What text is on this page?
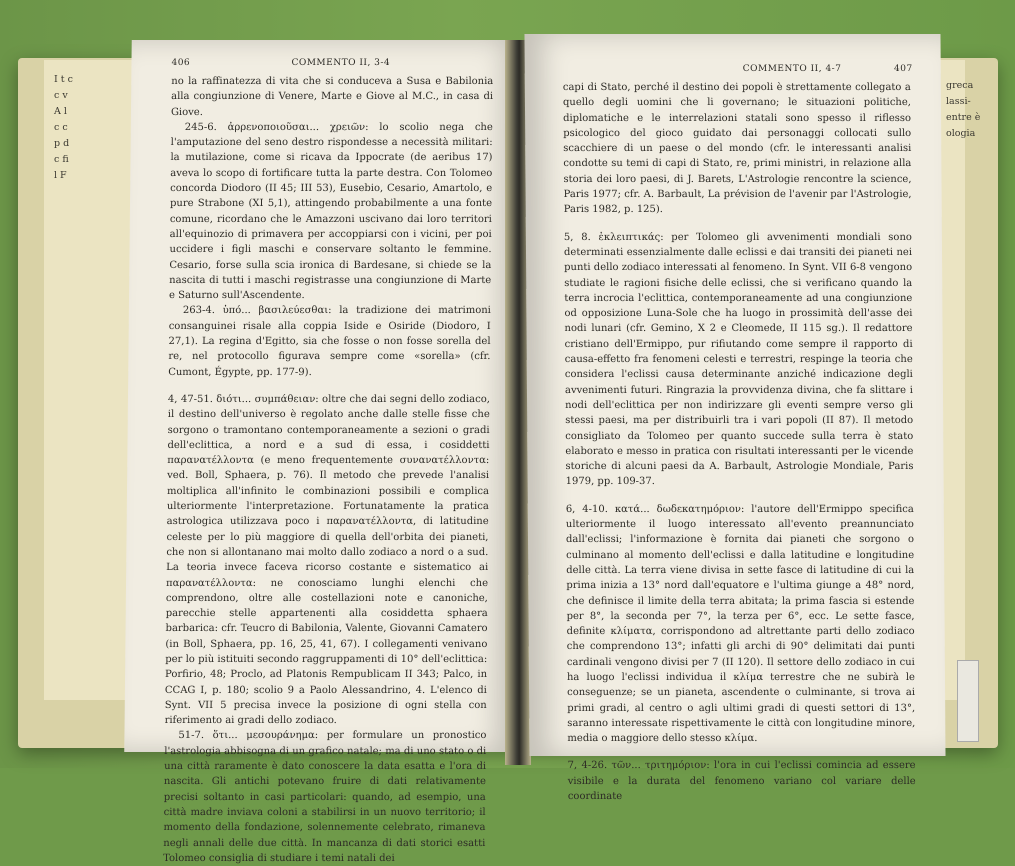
I t c c v A l c c p d c fi l F
greca lassi- entre è ologia
406	COMMENTO II, 3-4

no la raffinatezza di vita che si conduceva a Susa e Babilonia alla congiunzione di Venere, Marte e Giove al M.C., in casa di Giove.

245-6. ἀρρενοποιοῦσαι... χρειῶν: lo scolio nega che l'amputazione del seno destro rispondesse a necessità militari: la mutilazione, come si ricava da Ippocrate (de aeribus 17) aveva lo scopo di fortificare tutta la parte destra. Con Tolomeo concorda Diodoro (II 45; III 53), Eusebio, Cesario, Amartolo, e pure Strabone (XI 5,1), attingendo probabilmente a una fonte comune, ricordano che le Amazzoni uscivano dai loro territori all'equinozio di primavera per accoppiarsi con i vicini, per poi uccidere i figli maschi e conservare soltanto le femmine. Cesario, forse sulla scia ironica di Bardesane, si chiede se la nascita di tutti i maschi registrasse una congiunzione di Marte e Saturno sull'Ascendente.

263-4. ὑπό... βασιλεύεσθαι: la tradizione dei matrimoni consanguinei risale alla coppia Iside e Osiride (Diodoro, I 27,1). La regina d'Egitto, sia che fosse o non fosse sorella del re, nel protocollo figurava sempre come «sorella» (cfr. Cumont, Égypte, pp. 177-9).

4, 47-51. διότι... συμπάθειαν: oltre che dai segni dello zodiaco, il destino dell'universo è regolato anche dalle stelle fisse che sorgono o tramontano contemporaneamente a sezioni o gradi dell'eclittica, a nord e a sud di essa, i cosiddetti παρανατέλλοντα (e meno frequentemente συνανατέλλοντα: ved. Boll, Sphaera, p. 76). Il metodo che prevede l'analisi moltiplica all'infinito le combinazioni possibili e complica ulteriormente l'interpretazione. Fortunatamente la pratica astrologica utilizzava poco i παρανατέλλοντα, di latitudine celeste per lo più maggiore di quella dell'orbita dei pianeti, che non si allontanano mai molto dallo zodiaco a nord o a sud. La teoria invece faceva ricorso costante e sistematico ai παρανατέλλοντα: ne conosciamo lunghi elenchi che comprendono, oltre alle costellazioni note e canoniche, parecchie stelle appartenenti alla cosiddetta sphaera barbarica: cfr. Teucro di Babilonia, Valente, Giovanni Camatero (in Boll, Sphaera, pp. 16, 25, 41, 67). I collegamenti venivano per lo più istituiti secondo raggruppamenti di 10° dell'eclittica: Porfirio, 48; Proclo, ad Platonis Rempublicam II 343; Palco, in CCAG I, p. 180; scolio 9 a Paolo Alessandrino, 4. L'elenco di Synt. VII 5 precisa invece la posizione di ogni stella con riferimento ai gradi dello zodiaco.

51-7. ὅτι... μεσουράνημα: per formulare un pronostico l'astrologia abbisogna di un grafico natale; ma di uno stato o di una città raramente è dato conoscere la data esatta e l'ora di nascita. Gli antichi potevano fruire di dati relativamente precisi soltanto in casi particolari: quando, ad esempio, una città madre inviava coloni a stabilirsi in un nuovo territorio; il momento della fondazione, solennemente celebrato, rimaneva negli annali delle due città. In mancanza di dati storici esatti Tolomeo consiglia di studiare i temi natali dei

COMMENTO II, 4-7	407

capi di Stato, perché il destino dei popoli è strettamente collegato a quello degli uomini che li governano; le situazioni politiche, diplomatiche e le interrelazioni statali sono spesso il riflesso psicologico del gioco guidato dai personaggi collocati sullo scacchiere di un paese o del mondo (cfr. le interessanti analisi condotte su temi di capi di Stato, re, primi ministri, in relazione alla storia dei loro paesi, di J. Barets, L'Astrologie rencontre la science, Paris 1977; cfr. A. Barbault, La prévision de l'avenir par l'Astrologie, Paris 1982, p. 125).

5, 8. ἐκλειπτικάς: per Tolomeo gli avvenimenti mondiali sono determinati essenzialmente dalle eclissi e dai transiti dei pianeti nei punti dello zodiaco interessati al fenomeno. In Synt. VII 6-8 vengono studiate le ragioni fisiche delle eclissi, che si verificano quando la terra incrocia l'eclittica, contemporaneamente ad una congiunzione od opposizione Luna-Sole che ha luogo in prossimità dell'asse dei nodi lunari (cfr. Gemino, X 2 e Cleomede, II 115 sg.). Il redattore cristiano dell'Ermippo, pur rifiutando come sempre il rapporto di causa-effetto fra fenomeni celesti e terrestri, respinge la teoria che considera l'eclissi causa determinante anziché indicazione degli avvenimenti futuri. Ringrazia la provvidenza divina, che fa slittare i nodi dell'eclittica per non indirizzare gli eventi sempre verso gli stessi paesi, ma per distribuirli tra i vari popoli (II 87). Il metodo consigliato da Tolomeo per quanto succede sulla terra è stato elaborato e messo in pratica con risultati interessanti per le vicende storiche di alcuni paesi da A. Barbault, Astrologie Mondiale, Paris 1979, pp. 109-37.

6, 4-10. κατά... δωδεκατημόριον: l'autore dell'Ermippo specifica ulteriormente il luogo interessato all'evento preannunciato dall'eclissi; l'informazione è fornita dai pianeti che sorgono o culminano al momento dell'eclissi e dalla latitudine e longitudine delle città. La terra viene divisa in sette fasce di latitudine di cui la prima inizia a 13° nord dall'equatore e l'ultima giunge a 48° nord, che definisce il limite della terra abitata; la prima fascia si estende per 8°, la seconda per 7°, la terza per 6°, ecc. Le sette fasce, definite κλίματα, corrispondono ad altrettante parti dello zodiaco che comprendono 13°; infatti gli archi di 90° delimitati dai punti cardinali vengono divisi per 7 (II 120). Il settore dello zodiaco in cui ha luogo l'eclissi individua il κλίμα terrestre che ne subirà le conseguenze; se un pianeta, ascendente o culminante, si trova ai primi gradi, al centro o agli ultimi gradi di questi settori di 13°, saranno interessate rispettivamente le città con longitudine minore, media o maggiore dello stesso κλίμα.

7, 4-26. τῶν... τριτημόριον: l'ora in cui l'eclissi comincia ad essere visibile e la durata del fenomeno variano col variare delle coordinate
